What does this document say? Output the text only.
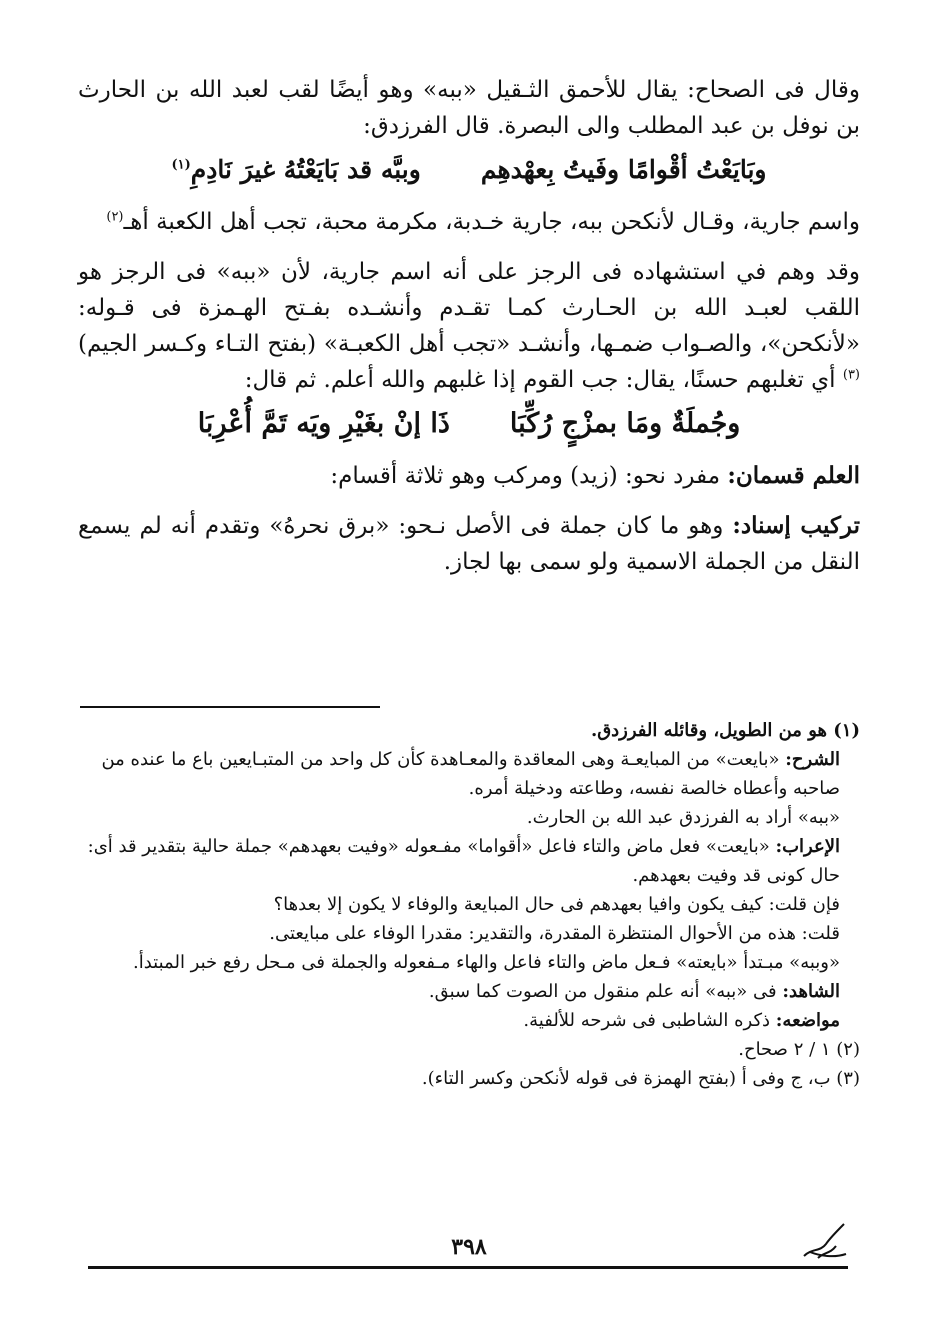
وقال فى الصحاح: يقال للأحمق الثـقيل «ببه» وهو أيضًا لقب لعبد الله بن الحارث بن نوفل بن عبد المطلب والى البصرة. قال الفرزدق:

وبَايَعْتُ أقْوامًا وفَيتُ بِعهْدهِم
وببَّه قد بَايَعْتُهُ غيرَ نَادِمِ$^{(١)}$

واسم جارية، وقـال لأنكحن ببه، جارية خـدبة، مكرمة محبة، تجب أهل الكعبة أهـ$^{(٢)}$

وقد وهم في استشهاده فى الرجز على أنه اسم جارية، لأن «ببه» فى الرجز هو اللقب لعبـد الله بن الحـارث كمـا تقـدم وأنشـده بفـتح الهـمزة فى قـوله: «لأنكحن»، والصـواب ضمـها، وأنشـد «تجب أهل الكعبـة» (بفتح التـاء وكـسر الجيم)$^{(٣)}$ أي تغلبهم حسنًا، يقال: جب القوم إذا غلبهم والله أعلم. ثم قال:

وجُملَةٌ ومَا بمزْجٍ رُكِّبَا
ذَا إنْ بغَيْرِ ويَه تَمَّ أُعْرِبَا

العلم قسمان: مفرد نحو: (زيد) ومركب وهو ثلاثة أقسام:

تركيب إسناد: وهو ما كان جملة فى الأصل نـحو: «برق نحرهُ» وتقدم أنه لم يسمع النقل من الجملة الاسمية ولو سمى بها لجاز.

(١) هو من الطويل، وقائله الفرزدق.

الشرح: «بايعت» من المبايعـة وهى المعاقدة والمعـاهدة كأن كل واحد من المتبـايعين باع ما عنده من صاحبه وأعطاه خالصة نفسه، وطاعته ودخيلة أمره.

«ببه» أراد به الفرزدق عبد الله بن الحارث.

الإعراب: «بايعت» فعل ماض والتاء فاعل «أقواما» مفـعوله «وفيت بعهدهم» جملة حالية بتقدير قد أى: حال كونى قد وفيت بعهدهم.

فإن قلت: كيف يكون وافيا بعهدهم فى حال المبايعة والوفاء لا يكون إلا بعدها؟

قلت: هذه من الأحوال المنتظرة المقدرة، والتقدير: مقدرا الوفاء على مبايعتى.

«وببه» مبـتدأ «بايعته» فـعل ماض والتاء فاعل والهاء مـفعوله والجملة فى مـحل رفع خبر المبتدأ.

الشاهد: فى «ببه» أنه علم منقول من الصوت كما سبق.

مواضعه: ذكره الشاطبى فى شرحه للألفية.

(٢) ١ / ٢ صحاح.

(٣) ب، ج وفى أ (بفتح الهمزة فى قوله لأنكحن وكسر التاء).

٣٩٨
